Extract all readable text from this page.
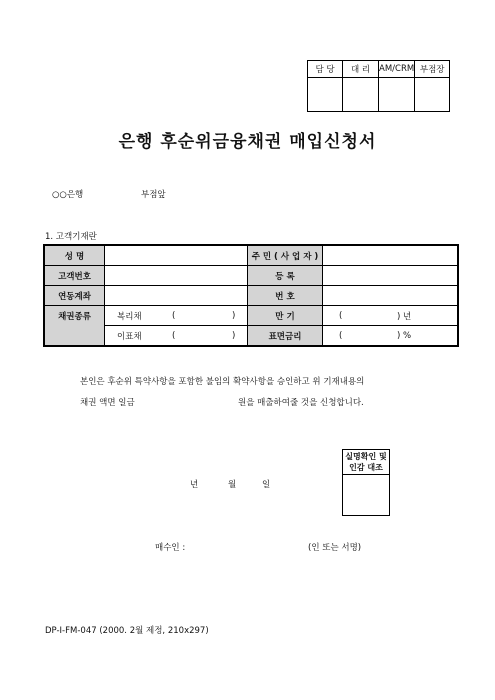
담 당	대 리	AM/CRM	부점장

은행 후순위금융채권 매입신청서
○○은행	부점앞
1. 고객기재란
성 명		주 민 ( 사 업 자 )	
고객번호		등 록	
연동계좌		번 호	
채권종류	복리채 ( )	만 기	( ) 년

	이표채 ( )	표면금리	( ) %
본인은 후순위 특약사항을 포함한 불임의 확약사항을 승인하고 위 기재내용의
채권 액면 일금	원을 매출하여줄 것을 신청합니다.
실명확인 및
인감 대조

년	월	일
매수인 :	(인 또는 서명)
DP-I-FM-047 (2000. 2월 제정, 210x297)
